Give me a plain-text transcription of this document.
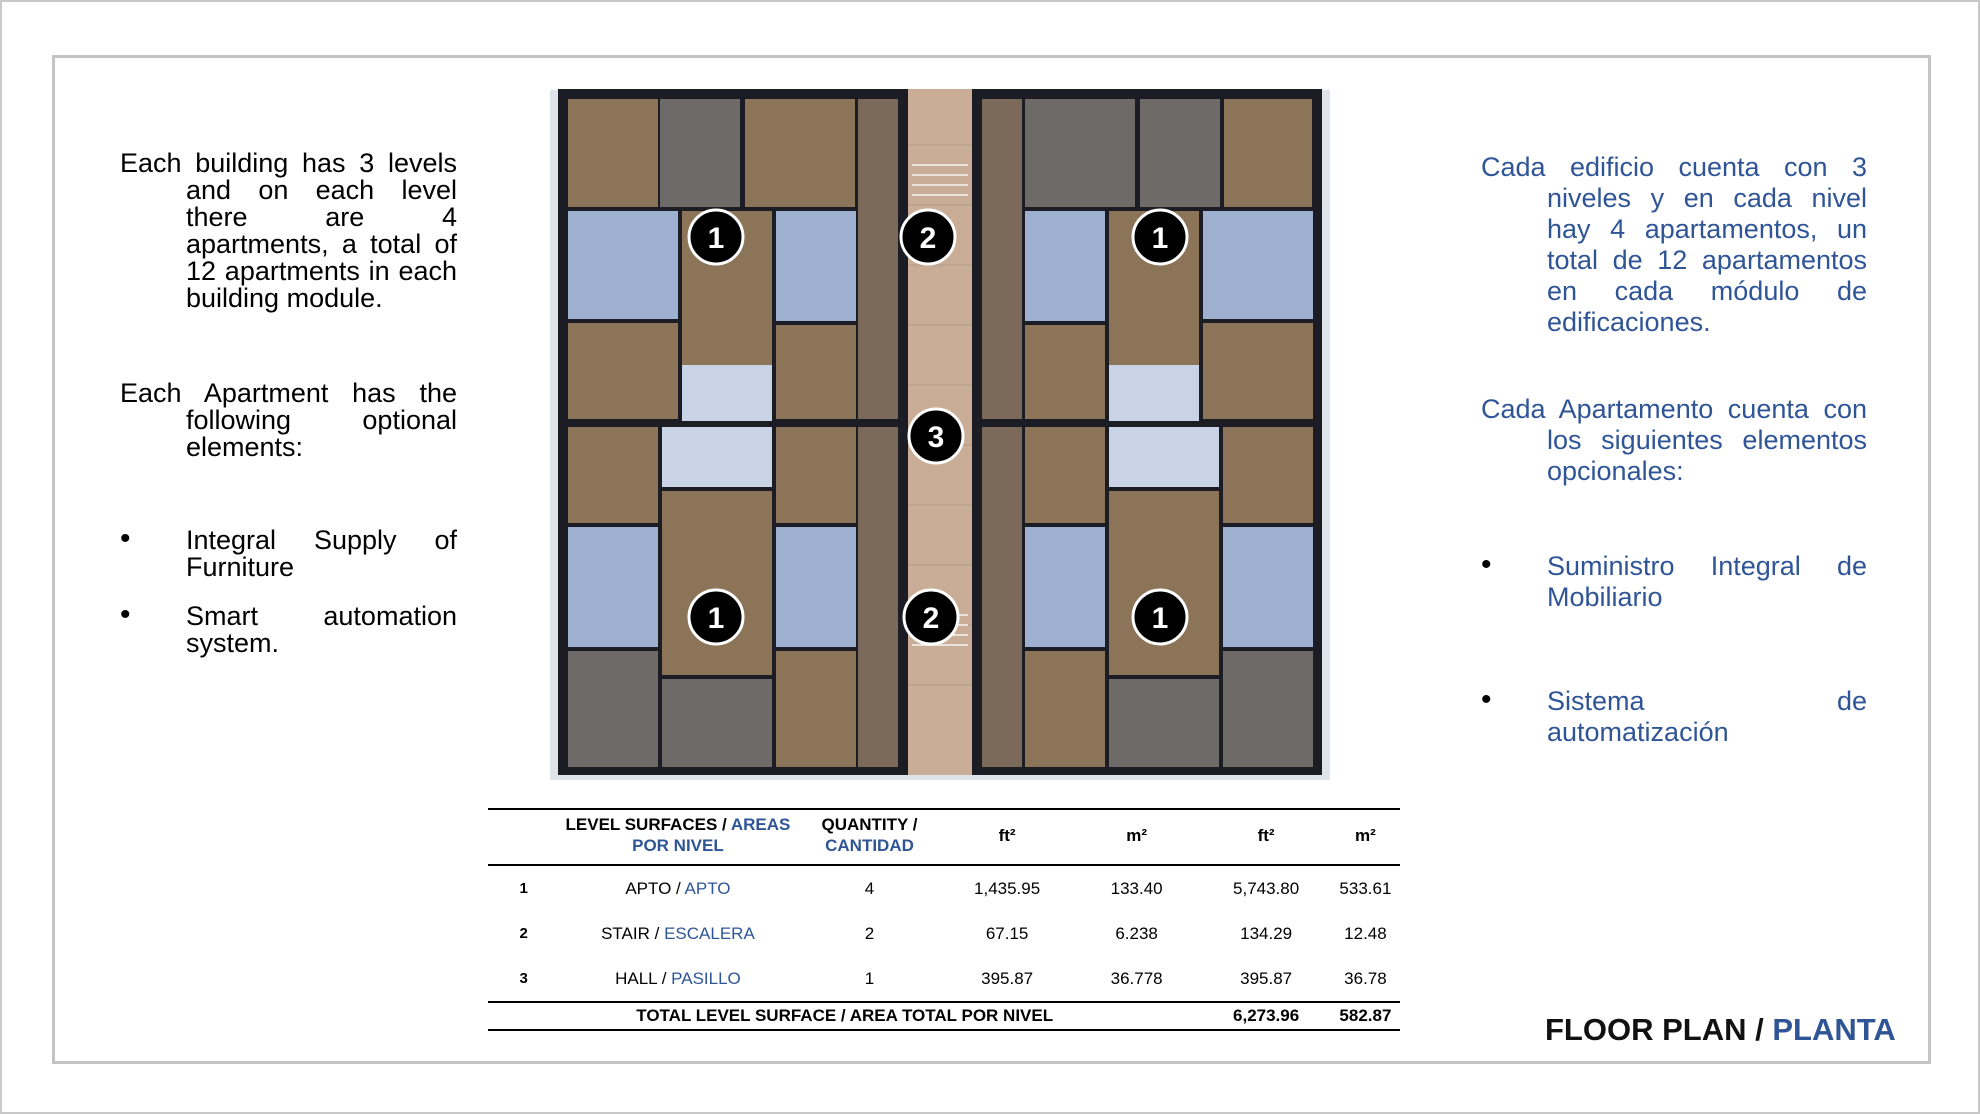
Each building has 3 levels and on each level there are 4 apartments, a total of 12 apartments in each building module.

Each Apartment has the following optional elements:

• Integral Supply of Furniture
• Smart automation system.

Cada edificio cuenta con 3 niveles y en cada nivel hay 4 apartamentos, un total de 12 apartamentos en cada módulo de edificaciones.

Cada Apartamento cuenta con los siguientes elementos opcionales:

• Suministro Integral de Mobiliario
• Sistema de automatización
1	2	1
3
1	2	1
	LEVEL SURFACES / AREAS POR NIVEL	QUANTITY /
CANTIDAD	ft²	m²	ft²	m²
1	APTO / APTO	4	1,435.95	133.40	5,743.80	533.61
2	STAIR / ESCALERA	2	67.15	6.238	134.29	12.48
3	HALL / PASILLO	1	395.87	36.778	395.87	36.78
TOTAL LEVEL SURFACE / AREA TOTAL POR NIVEL					6,273.96	582.87	FLOOR PLAN / PLANTA
